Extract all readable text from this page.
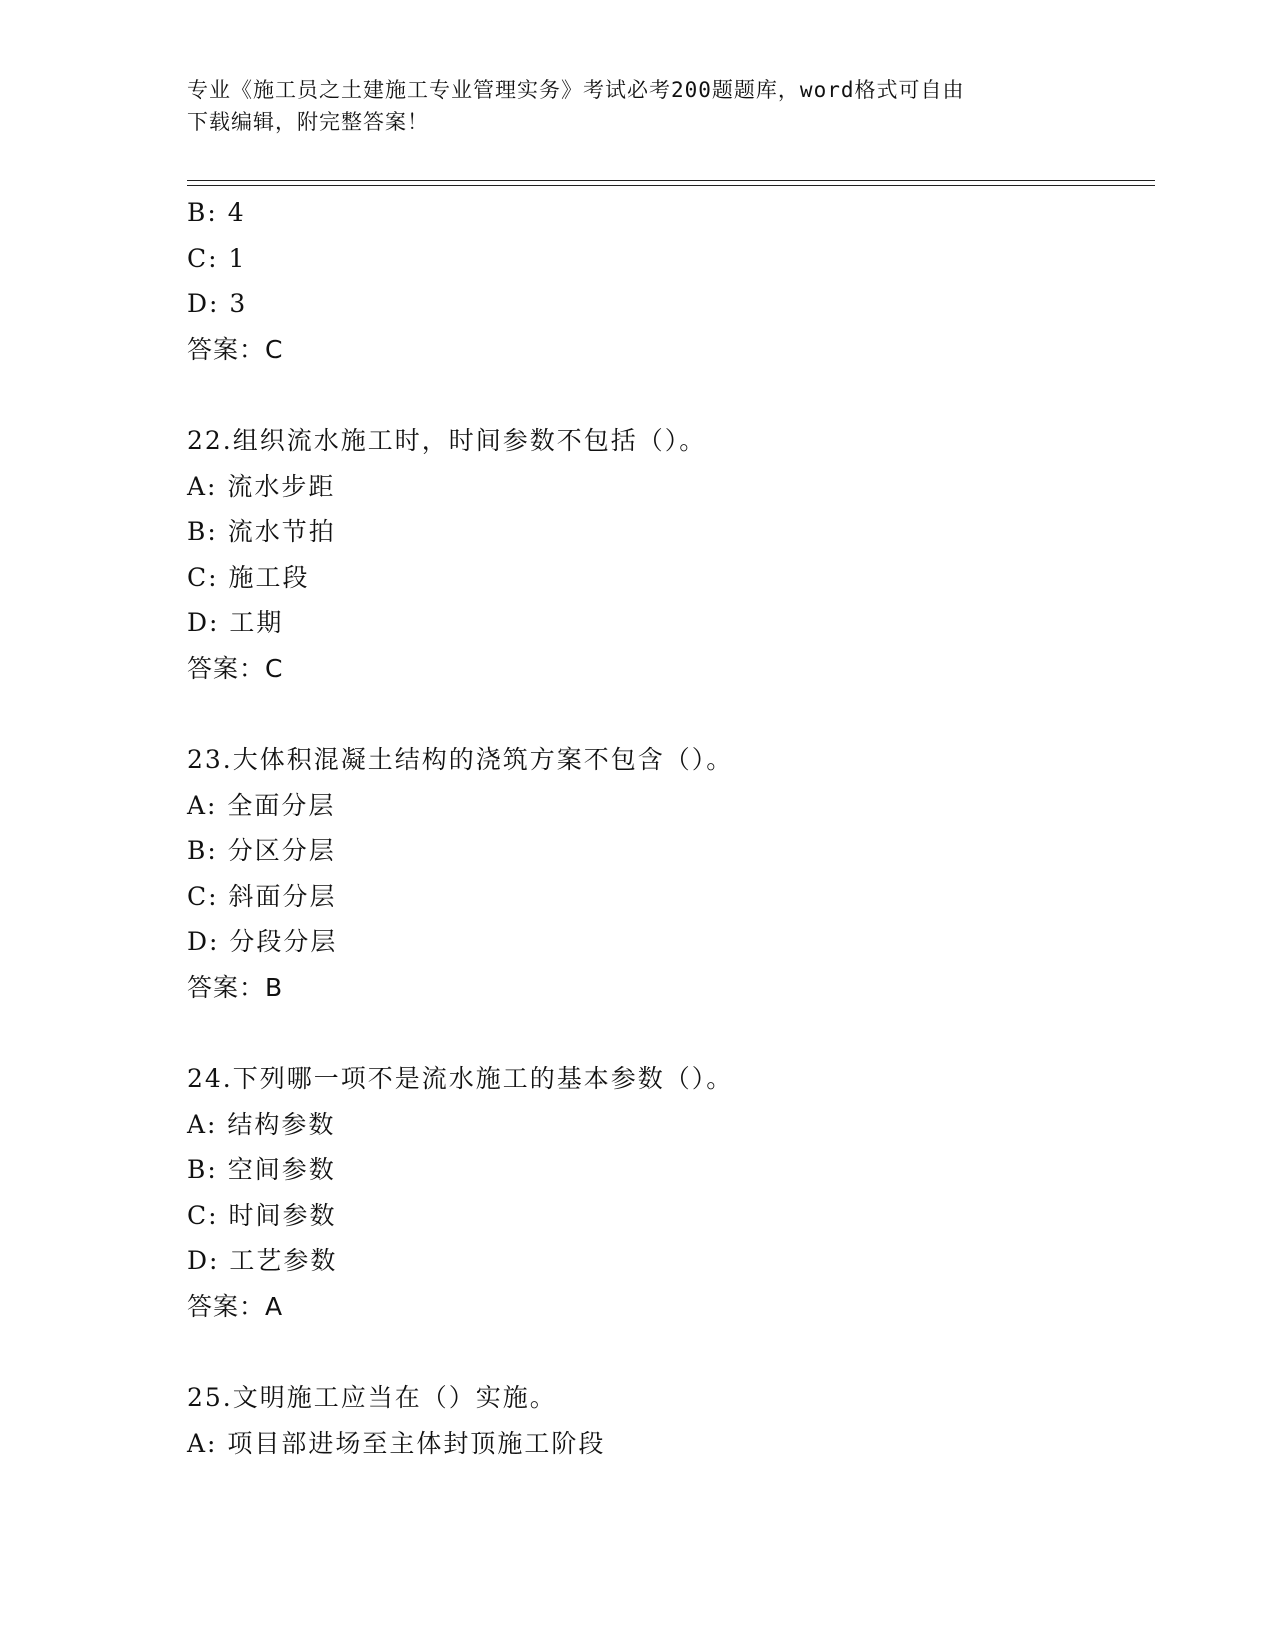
专业《施工员之土建施工专业管理实务》考试必考200题题库，word格式可自由
下载编辑，附完整答案！
B: 4
C: 1
D: 3
答案：C
22.组织流水施工时，时间参数不包括（）。
A: 流水步距
B: 流水节拍
C: 施工段
D: 工期
答案：C
23.大体积混凝土结构的浇筑方案不包含（）。
A: 全面分层
B: 分区分层
C: 斜面分层
D: 分段分层
答案：B
24.下列哪一项不是流水施工的基本参数（）。
A: 结构参数
B: 空间参数
C: 时间参数
D: 工艺参数
答案：A
25.文明施工应当在（）实施。
A: 项目部进场至主体封顶施工阶段
